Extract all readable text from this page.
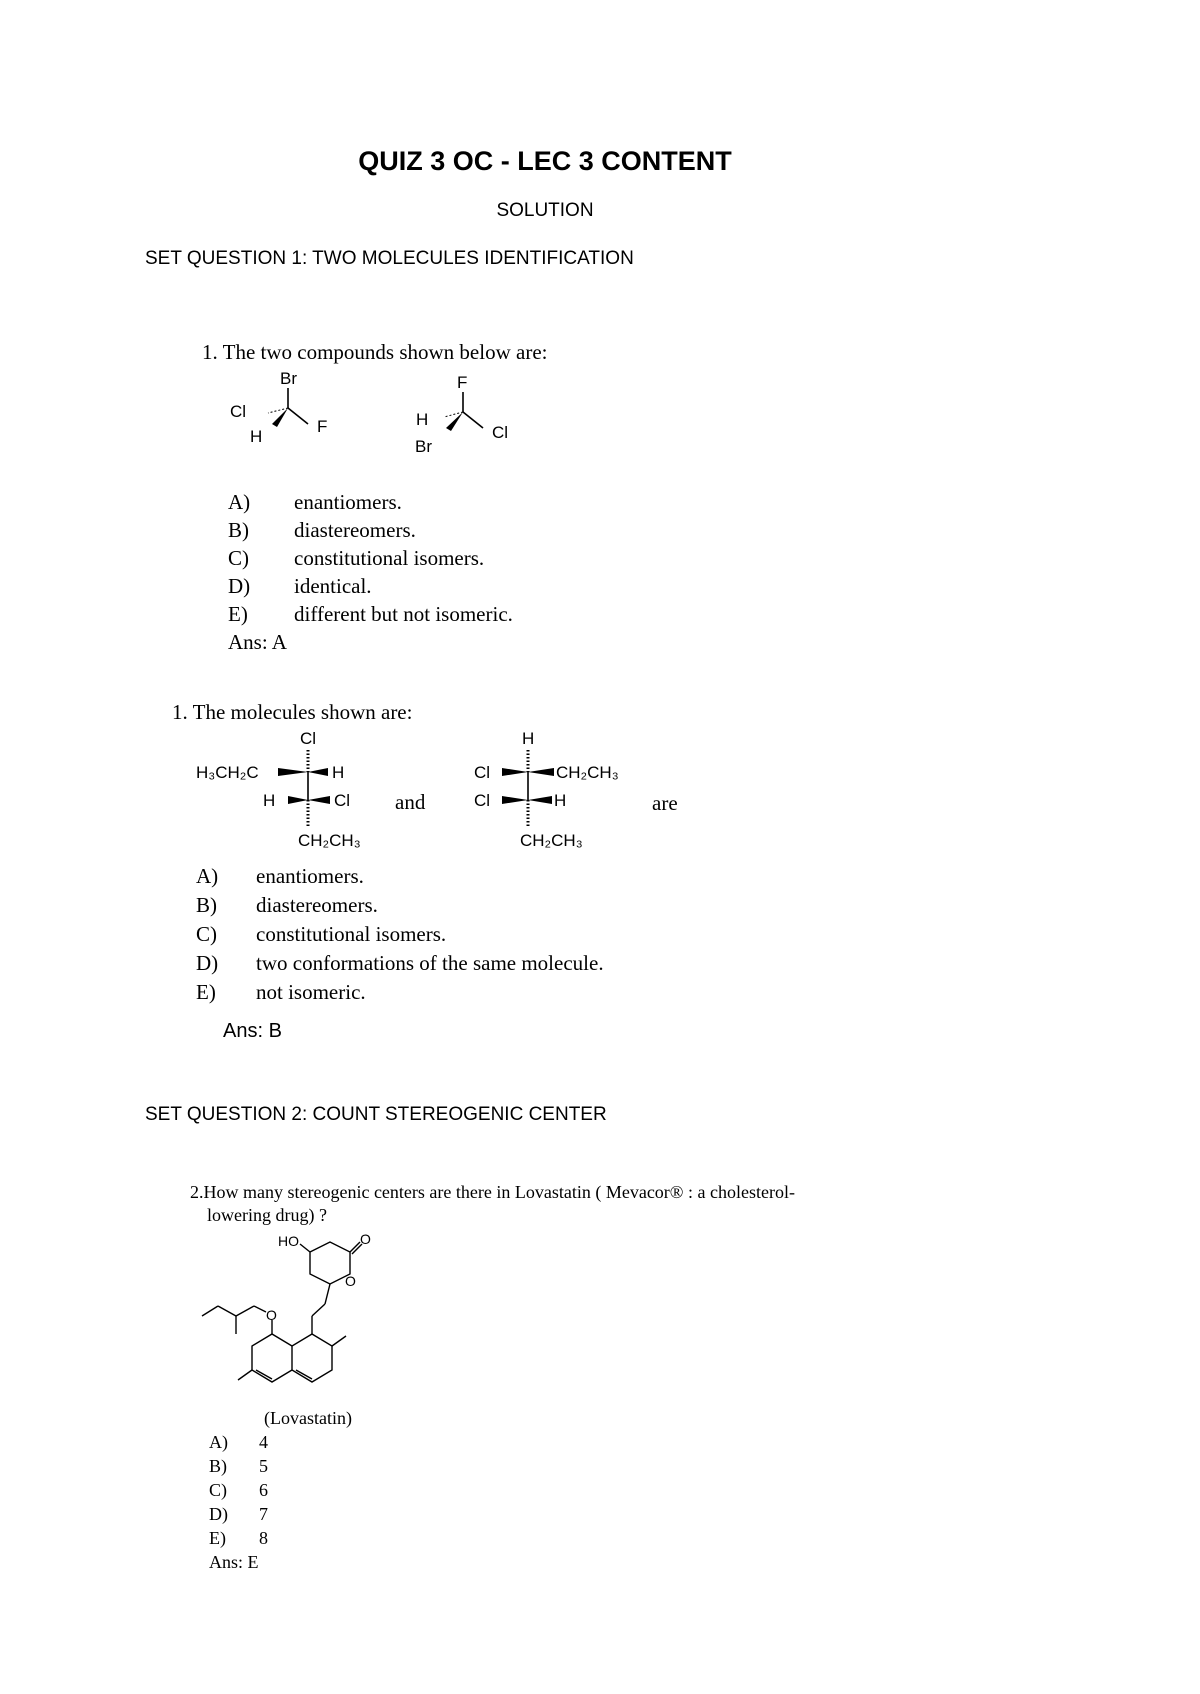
QUIZ 3 OC - LEC 3 CONTENT
SOLUTION
SET QUESTION 1: TWO MOLECULES IDENTIFICATION
1. The two compounds shown below are:
Br
Cl
H
F
F
H
Br
Cl
A) enantiomers.
B) diastereomers.
C) constitutional isomers.
D) identical.
E) different but not isomeric.
Ans: A
1. The molecules shown are:
Cl
H₃CH₂C	H
H	Cl
CH₂CH₃
and
H
Cl	CH₂CH₃
Cl	H
CH₂CH₃
are
A) enantiomers.
B) diastereomers.
C) constitutional isomers.
D) two conformations of the same molecule.
E) not isomeric.
Ans: B
SET QUESTION 2: COUNT STEREOGENIC CENTER
2.How many stereogenic centers are there in Lovastatin ( Mevacor® : a cholesterol-
lowering drug) ?
HO	O
O
O
(Lovastatin)
A) 4
B) 5
C) 6
D) 7
E) 8
Ans: E
